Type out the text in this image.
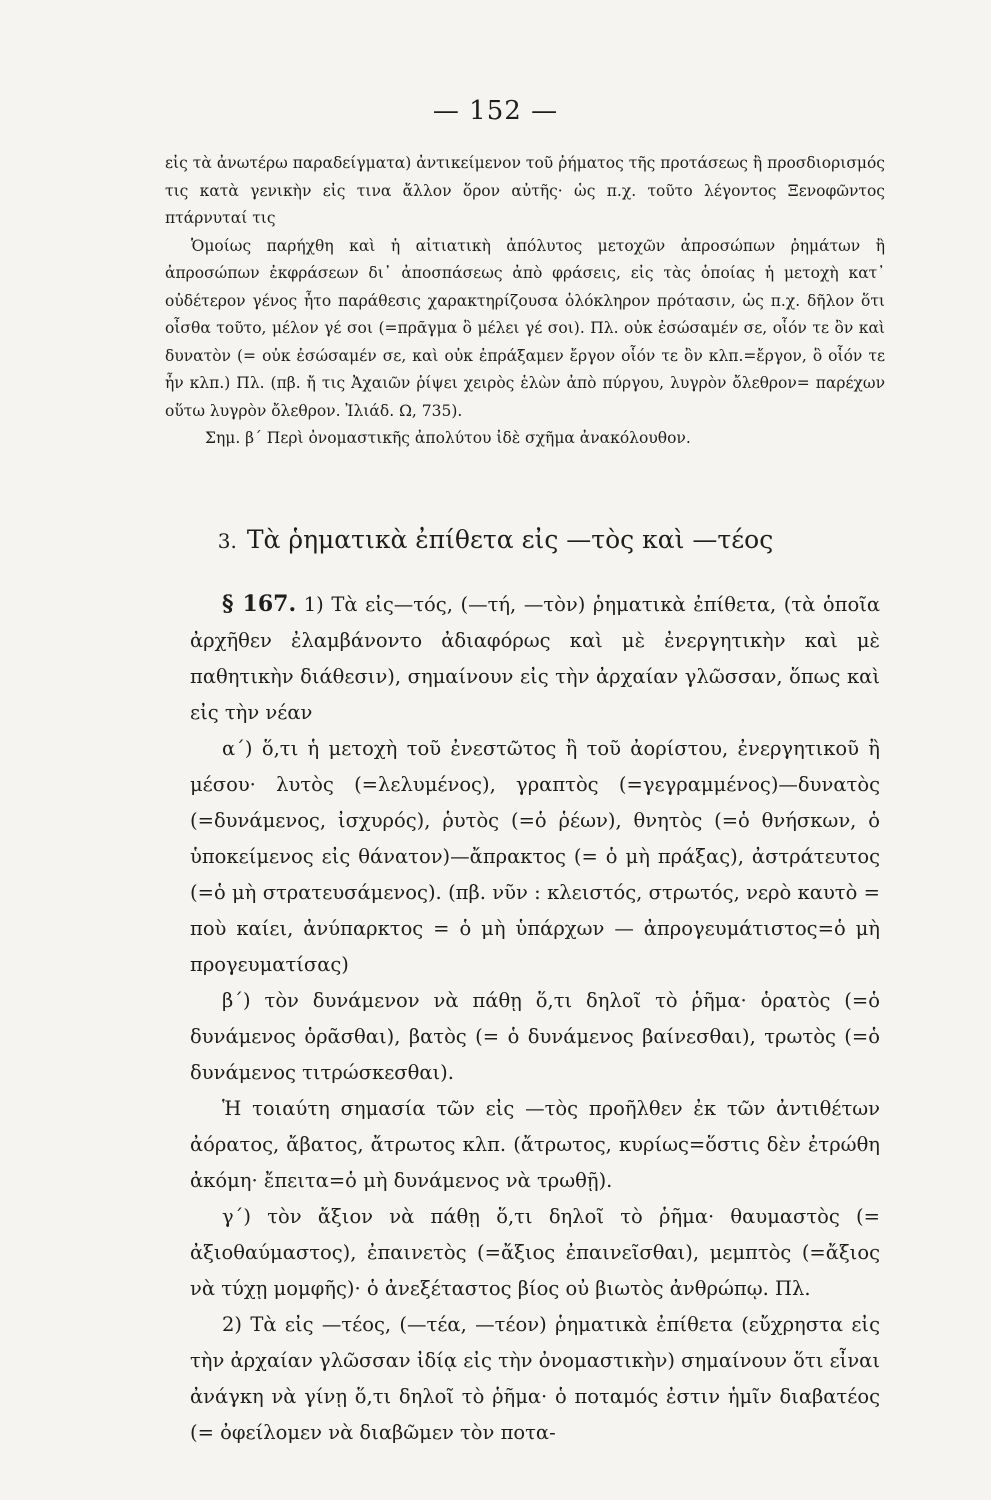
— 152 —

εἰς τὰ ἀνωτέρω παραδείγματα) ἀντικείμενον τοῦ ῥήματος τῆς προτάσεως ἢ προσδιορισμός τις κατὰ γενικὴν εἰς τινα ἄλλον ὅρον αὐτῆς· ὡς π.χ. τοῦτο λέγοντος Ξενοφῶντος πτάρνυταί τις

Ὁμοίως παρήχθη καὶ ἡ αἰτιατικὴ ἀπόλυτος μετοχῶν ἀπροσώπων ῥημάτων ἢ ἀπροσώπων ἐκφράσεων δι᾽ ἀποσπάσεως ἀπὸ φράσεις, εἰς τὰς ὁποίας ἡ μετοχὴ κατ᾽ οὐδέτερον γένος ἦτο παράθεσις χαρακτηρίζουσα ὁλόκληρον πρότασιν, ὡς π.χ. δῆλον ὅτι οἶσθα τοῦτο, μέλον γέ σοι (=πρᾶγμα ὃ μέλει γέ σοι). Πλ. οὐκ ἐσώσαμέν σε, οἷόν τε ὂν καὶ δυνατὸν (= οὐκ ἐσώσαμέν σε, καὶ οὐκ ἐπράξαμεν ἔργον οἷόν τε ὂν κλπ.=ἔργον, ὃ οἷόν τε ἦν κλπ.) Πλ. (πβ. ἤ τις Ἀχαιῶν ῥίψει χειρὸς ἑλὼν ἀπὸ πύργου, λυγρὸν ὄλεθρον= παρέχων οὕτω λυγρὸν ὄλεθρον. Ἰλιάδ. Ω, 735).

Σημ. β΄ Περὶ ὀνομαστικῆς ἀπολύτου ἰδὲ σχῆμα ἀνακόλουθον.

3. Τὰ ῥηματικὰ ἐπίθετα εἰς —τὸς καὶ —τέος

§ 167. 1) Τὰ εἰς—τός, (—τή, —τὸν) ῥηματικὰ ἐπίθετα, (τὰ ὁποῖα ἀρχῆθεν ἐλαμβάνοντο ἀδιαφόρως καὶ μὲ ἐνεργητικὴν καὶ μὲ παθητικὴν διάθεσιν), σημαίνουν εἰς τὴν ἀρχαίαν γλῶσσαν, ὅπως καὶ εἰς τὴν νέαν

α΄) ὅ,τι ἡ μετοχὴ τοῦ ἐνεστῶτος ἢ τοῦ ἀορίστου, ἐνεργητικοῦ ἢ μέσου· λυτὸς (=λελυμένος), γραπτὸς (=γεγραμμένος)—δυνατὸς (=δυνάμενος, ἰσχυρός), ῥυτὸς (=ὁ ῥέων), θνητὸς (=ὁ θνήσκων, ὁ ὑποκείμενος εἰς θάνατον)—ἄπρακτος (= ὁ μὴ πράξας), ἀστράτευτος (=ὁ μὴ στρατευσάμενος). (πβ. νῦν : κλειστός, στρωτός, νερὸ καυτὸ = ποὺ καίει, ἀνύπαρκτος = ὁ μὴ ὑπάρχων — ἀπρογευμάτιστος=ὁ μὴ προγευματίσας)

β΄) τὸν δυνάμενον νὰ πάθῃ ὅ,τι δηλοῖ τὸ ῥῆμα· ὁρατὸς (=ὁ δυνάμενος ὁρᾶσθαι), βατὸς (= ὁ δυνάμενος βαίνεσθαι), τρωτὸς (=ὁ δυνάμενος τιτρώσκεσθαι).

Ἡ τοιαύτη σημασία τῶν εἰς —τὸς προῆλθεν ἐκ τῶν ἀντιθέτων ἀόρατος, ἄβατος, ἄτρωτος κλπ. (ἄτρωτος, κυρίως=ὅστις δὲν ἐτρώθη ἀκόμη· ἔπειτα=ὁ μὴ δυνάμενος νὰ τρωθῇ).

γ΄) τὸν ἄξιον νὰ πάθῃ ὅ,τι δηλοῖ τὸ ῥῆμα· θαυμαστὸς (= ἀξιοθαύμαστος), ἐπαινετὸς (=ἄξιος ἐπαινεῖσθαι), μεμπτὸς (=ἄξιος νὰ τύχῃ μομφῆς)· ὁ ἀνεξέταστος βίος οὐ βιωτὸς ἀνθρώπῳ. Πλ.

2) Τὰ εἰς —τέος, (—τέα, —τέον) ῥηματικὰ ἐπίθετα (εὔχρηστα εἰς τὴν ἀρχαίαν γλῶσσαν ἰδίᾳ εἰς τὴν ὀνομαστικὴν) σημαίνουν ὅτι εἶναι ἀνάγκη νὰ γίνῃ ὅ,τι δηλοῖ τὸ ῥῆμα· ὁ ποταμός ἐστιν ἡμῖν διαβατέος (= ὀφείλομεν νὰ διαβῶμεν τὸν ποτα-
